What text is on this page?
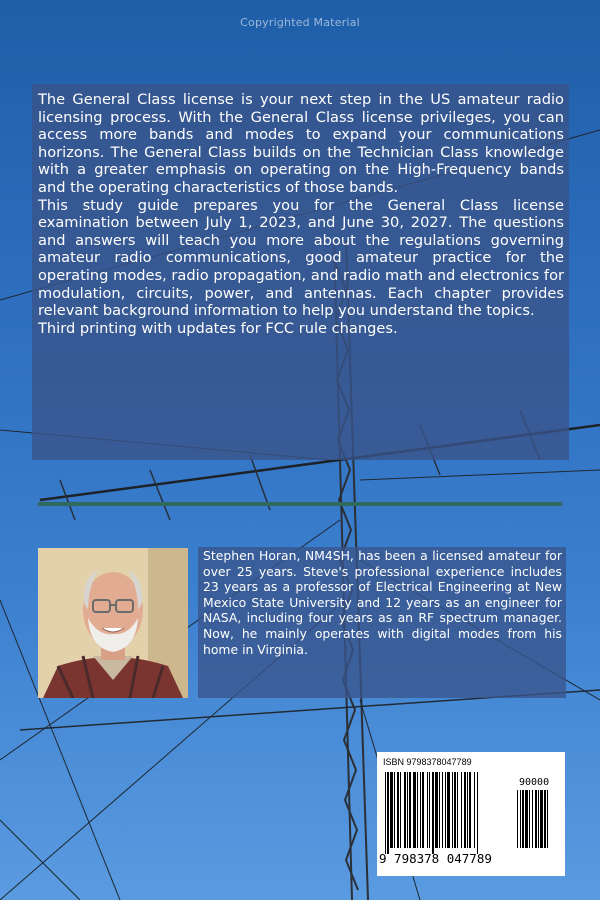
Copyrighted Material

The General Class license is your next step in the US amateur radio licensing process. With the General Class license privileges, you can access more bands and modes to expand your communications horizons. The General Class builds on the Technician Class knowledge with a greater emphasis on operating on the High-Frequency bands and the operating characteristics of those bands.

This study guide prepares you for the General Class license examination between July 1, 2023, and June 30, 2027. The questions and answers will teach you more about the regulations governing amateur radio communications, good amateur practice for the operating modes, radio propagation, and radio math and electronics for modulation, circuits, power, and antennas. Each chapter provides relevant background information to help you understand the topics.

Third printing with updates for FCC rule changes.

Stephen Horan, NM4SH, has been a licensed amateur for over 25 years. Steve's professional experience includes 23 years as a professor of Electrical Engineering at New Mexico State University and 12 years as an engineer for NASA, including four years as an RF spectrum manager. Now, he mainly operates with digital modes from his home in Virginia.

ISBN 9798378047789
90000
9 798378 047789
